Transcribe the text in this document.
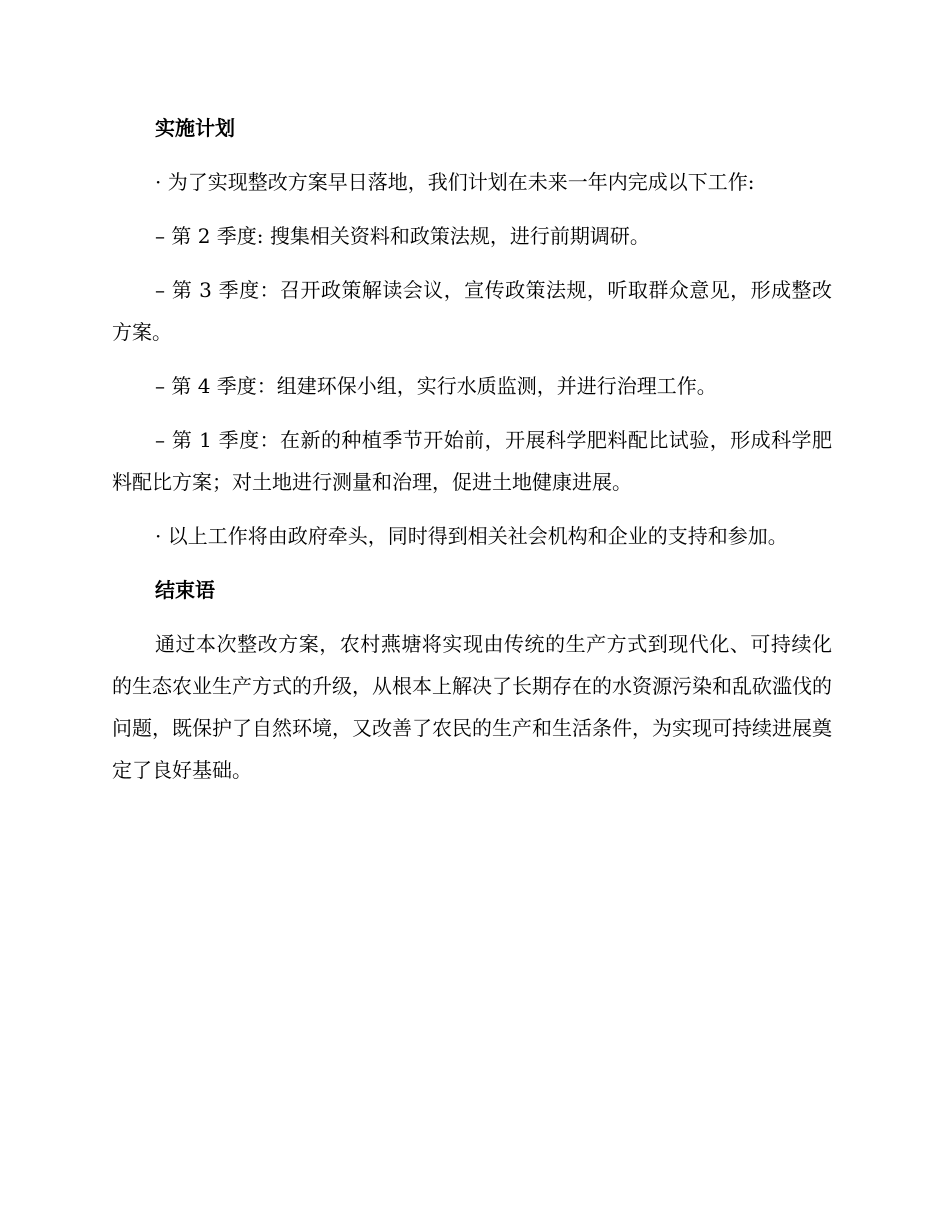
实施计划

· 为了实现整改方案早日落地，我们计划在未来一年内完成以下工作:

– 第 2 季度: 搜集相关资料和政策法规，进行前期调研。

– 第 3 季度：召开政策解读会议，宣传政策法规，听取群众意见，形成整改方案。

– 第 4 季度：组建环保小组，实行水质监测，并进行治理工作。

– 第 1 季度：在新的种植季节开始前，开展科学肥料配比试验，形成科学肥料配比方案；对土地进行测量和治理，促进土地健康进展。

· 以上工作将由政府牵头，同时得到相关社会机构和企业的支持和参加。

结束语

通过本次整改方案，农村燕塘将实现由传统的生产方式到现代化、可持续化的生态农业生产方式的升级，从根本上解决了长期存在的水资源污染和乱砍滥伐的问题，既保护了自然环境，又改善了农民的生产和生活条件，为实现可持续进展奠定了良好基础。
